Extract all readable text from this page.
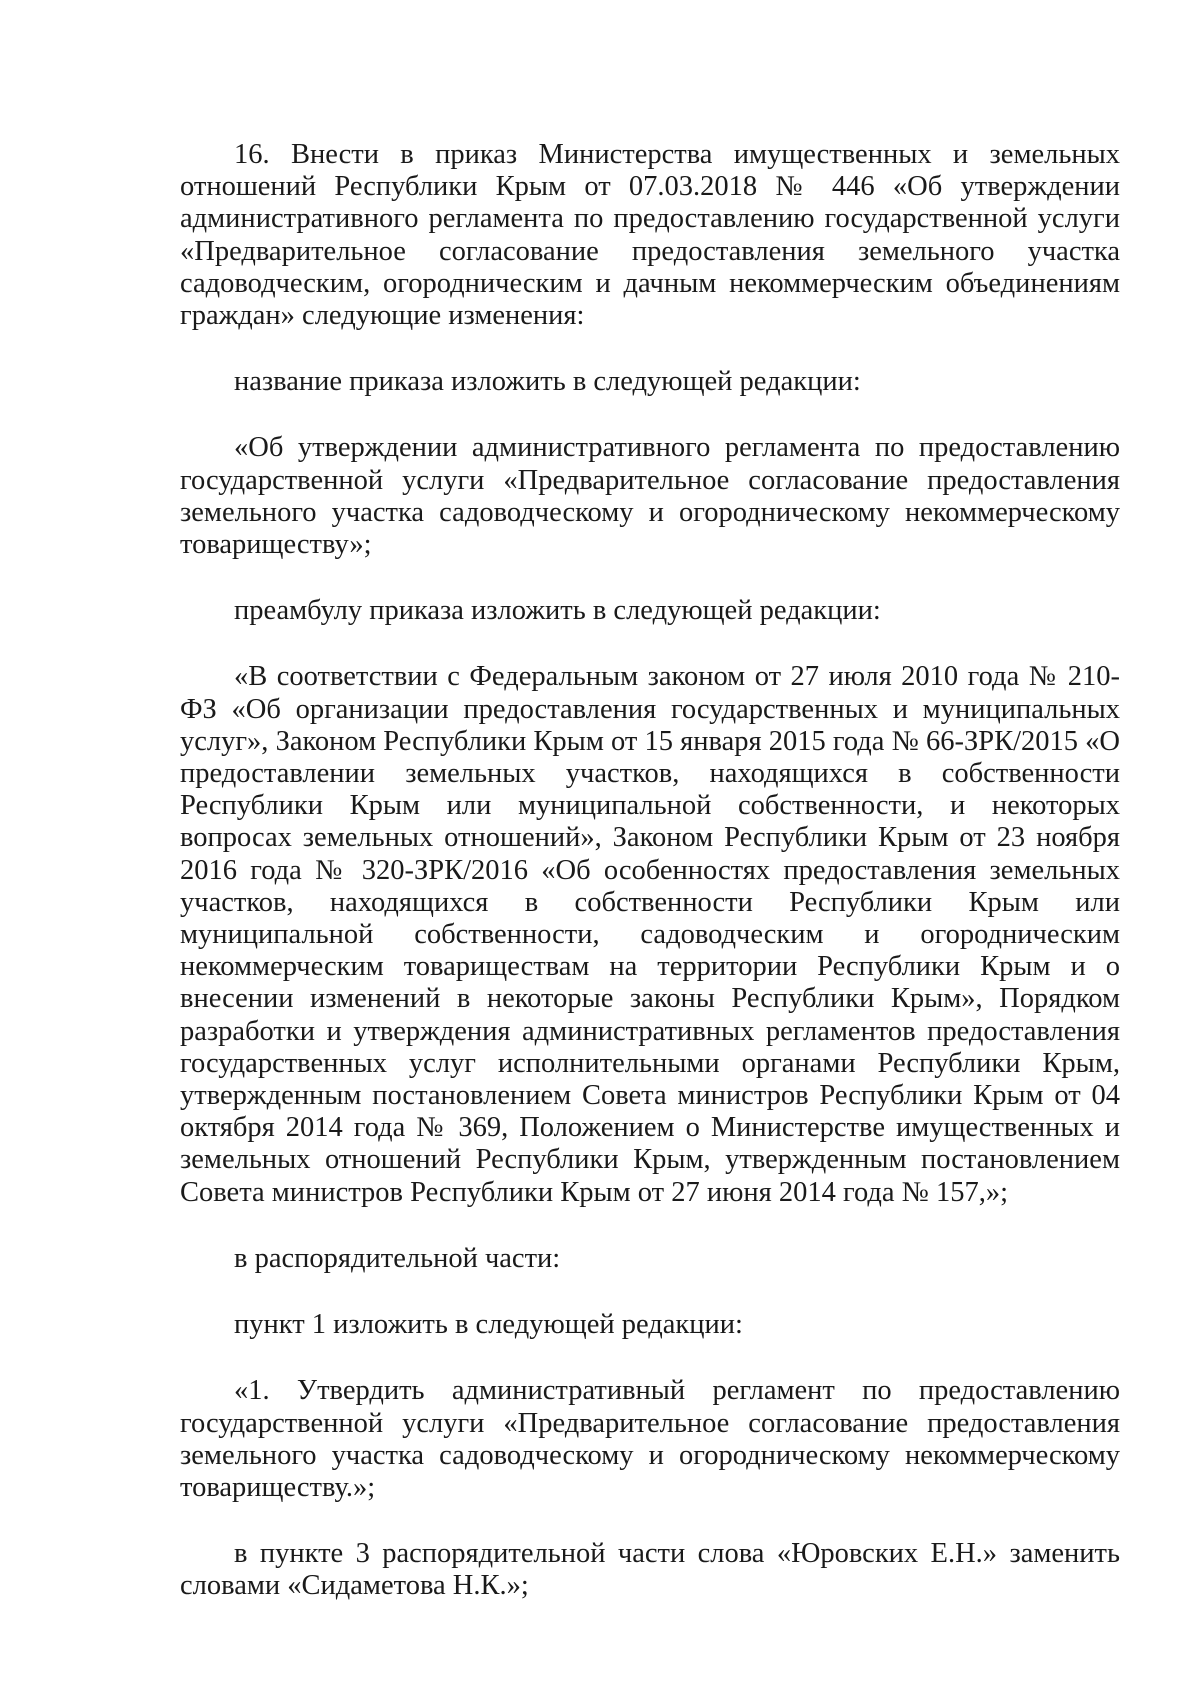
16. Внести в приказ Министерства имущественных и земельных отношений Республики Крым от 07.03.2018 № 446 «Об утверждении административного регламента по предоставлению государственной услуги «Предварительное согласование предоставления земельного участка садоводческим, огородническим и дачным некоммерческим объединениям граждан» следующие изменения:

название приказа изложить в следующей редакции:

«Об утверждении административного регламента по предоставлению государственной услуги «Предварительное согласование предоставления земельного участка садоводческому и огородническому некоммерческому товариществу»;

преамбулу приказа изложить в следующей редакции:

«В соответствии с Федеральным законом от 27 июля 2010 года № 210-ФЗ «Об организации предоставления государственных и муниципальных услуг», Законом Республики Крым от 15 января 2015 года № 66-ЗРК/2015 «О предоставлении земельных участков, находящихся в собственности Республики Крым или муниципальной собственности, и некоторых вопросах земельных отношений», Законом Республики Крым от 23 ноября 2016 года № 320-ЗРК/2016 «Об особенностях предоставления земельных участков, находящихся в собственности Республики Крым или муниципальной собственности, садоводческим и огородническим некоммерческим товариществам на территории Республики Крым и о внесении изменений в некоторые законы Республики Крым», Порядком разработки и утверждения административных регламентов предоставления государственных услуг исполнительными органами Республики Крым, утвержденным постановлением Совета министров Республики Крым от 04 октября 2014 года № 369, Положением о Министерстве имущественных и земельных отношений Республики Крым, утвержденным постановлением Совета министров Республики Крым от 27 июня 2014 года № 157,»;

в распорядительной части:

пункт 1 изложить в следующей редакции:

«1. Утвердить административный регламент по предоставлению государственной услуги «Предварительное согласование предоставления земельного участка садоводческому и огородническому некоммерческому товариществу.»;

в пункте 3 распорядительной части слова «Юровских Е.Н.» заменить словами «Сидаметова Н.К.»;
